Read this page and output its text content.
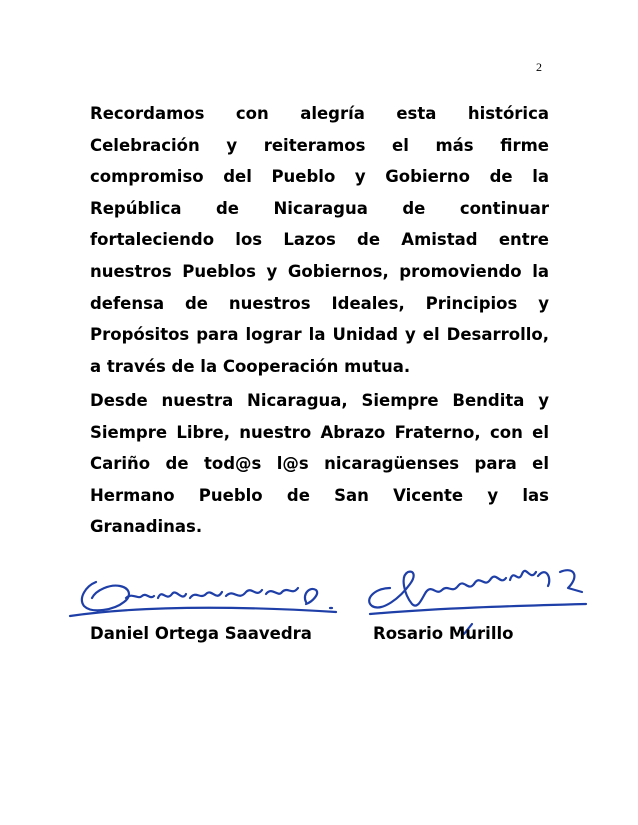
2
Recordamos con alegría esta histórica Celebración y reiteramos el más firme compromiso del Pueblo y Gobierno de la República de Nicaragua de continuar fortaleciendo los Lazos de Amistad entre nuestros Pueblos y Gobiernos, promoviendo la defensa de nuestros Ideales, Principios y Propósitos para lograr la Unidad y el Desarrollo, a través de la Cooperación mutua.
Desde nuestra Nicaragua, Siempre Bendita y Siempre Libre, nuestro Abrazo Fraterno, con el Cariño de tod@s l@s nicaragüenses para el Hermano Pueblo de San Vicente y las Granadinas.
Daniel Ortega Saavedra	Rosario Murillo
